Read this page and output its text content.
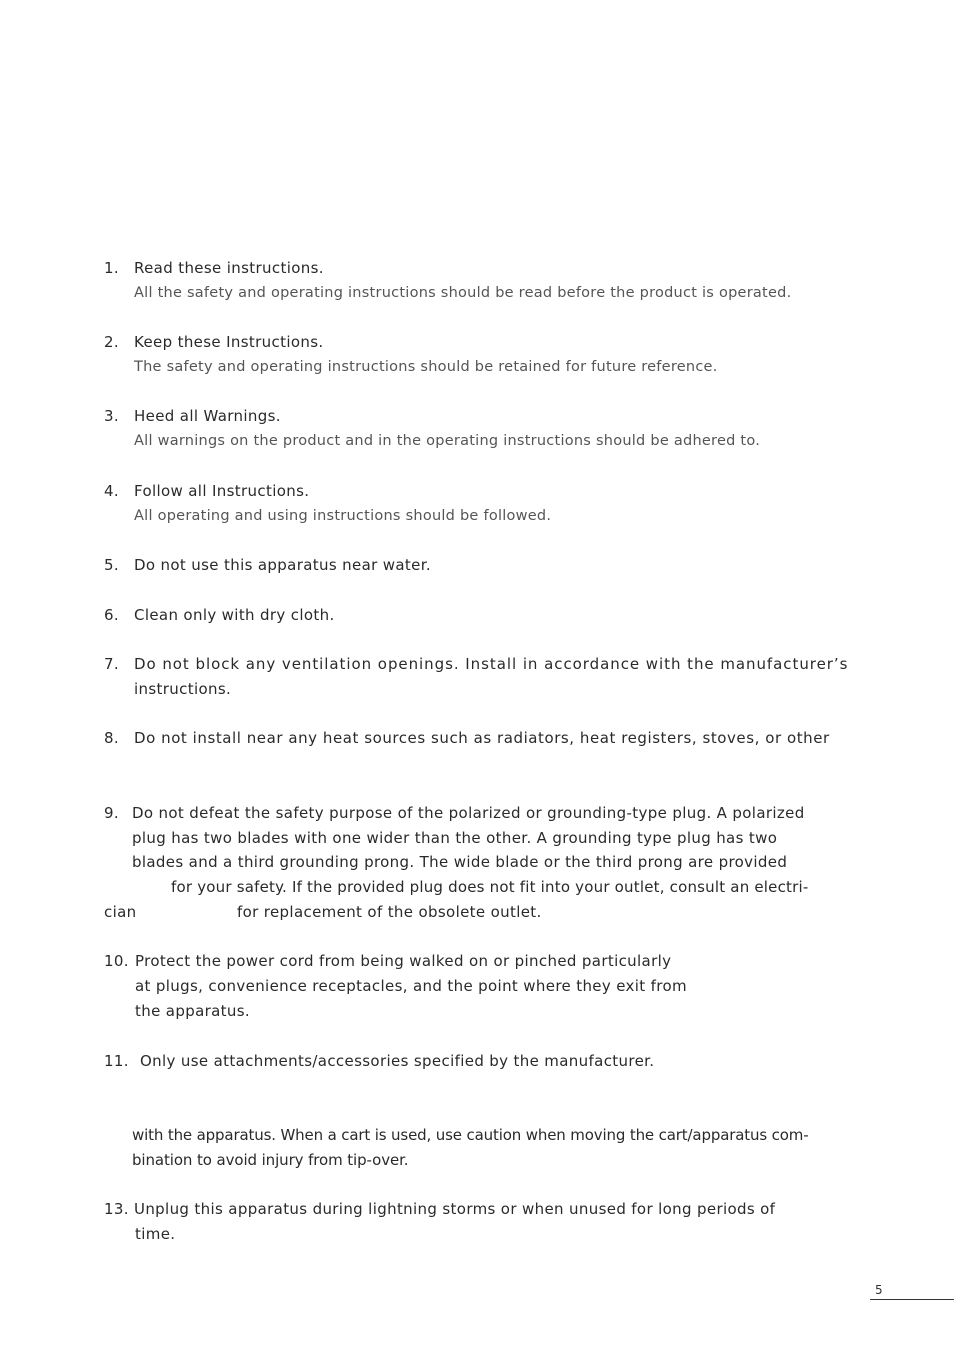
1. Read these instructions.
All the safety and operating instructions should be read before the product is operated.
2. Keep these Instructions.
The safety and operating instructions should be retained for future reference.
3. Heed all Warnings.
All warnings on the product and in the operating instructions should be adhered to.
4. Follow all Instructions.
All operating and using instructions should be followed.
5. Do not use this apparatus near water.
6. Clean only with dry cloth.
7. Do not block any ventilation openings. Install in accordance with the manufacturer’s
instructions.
8. Do not install near any heat sources such as radiators, heat registers, stoves, or other
9. Do not defeat the safety purpose of the polarized or grounding-type plug. A polarized
plug has two blades with one wider than the other. A grounding type plug has two
blades and a third grounding prong. The wide blade or the third prong are provided
for your safety. If the provided plug does not fit into your outlet, consult an electri-
cian	for replacement of the obsolete outlet.
10. Protect the power cord from being walked on or pinched particularly
at plugs, convenience receptacles, and the point where they exit from
the apparatus.
11. Only use attachments/accessories specified by the manufacturer.
with the apparatus. When a cart is used, use caution when moving the cart/apparatus com-
bination to avoid injury from tip-over.
13. Unplug this apparatus during lightning storms or when unused for long periods of
time.
5
